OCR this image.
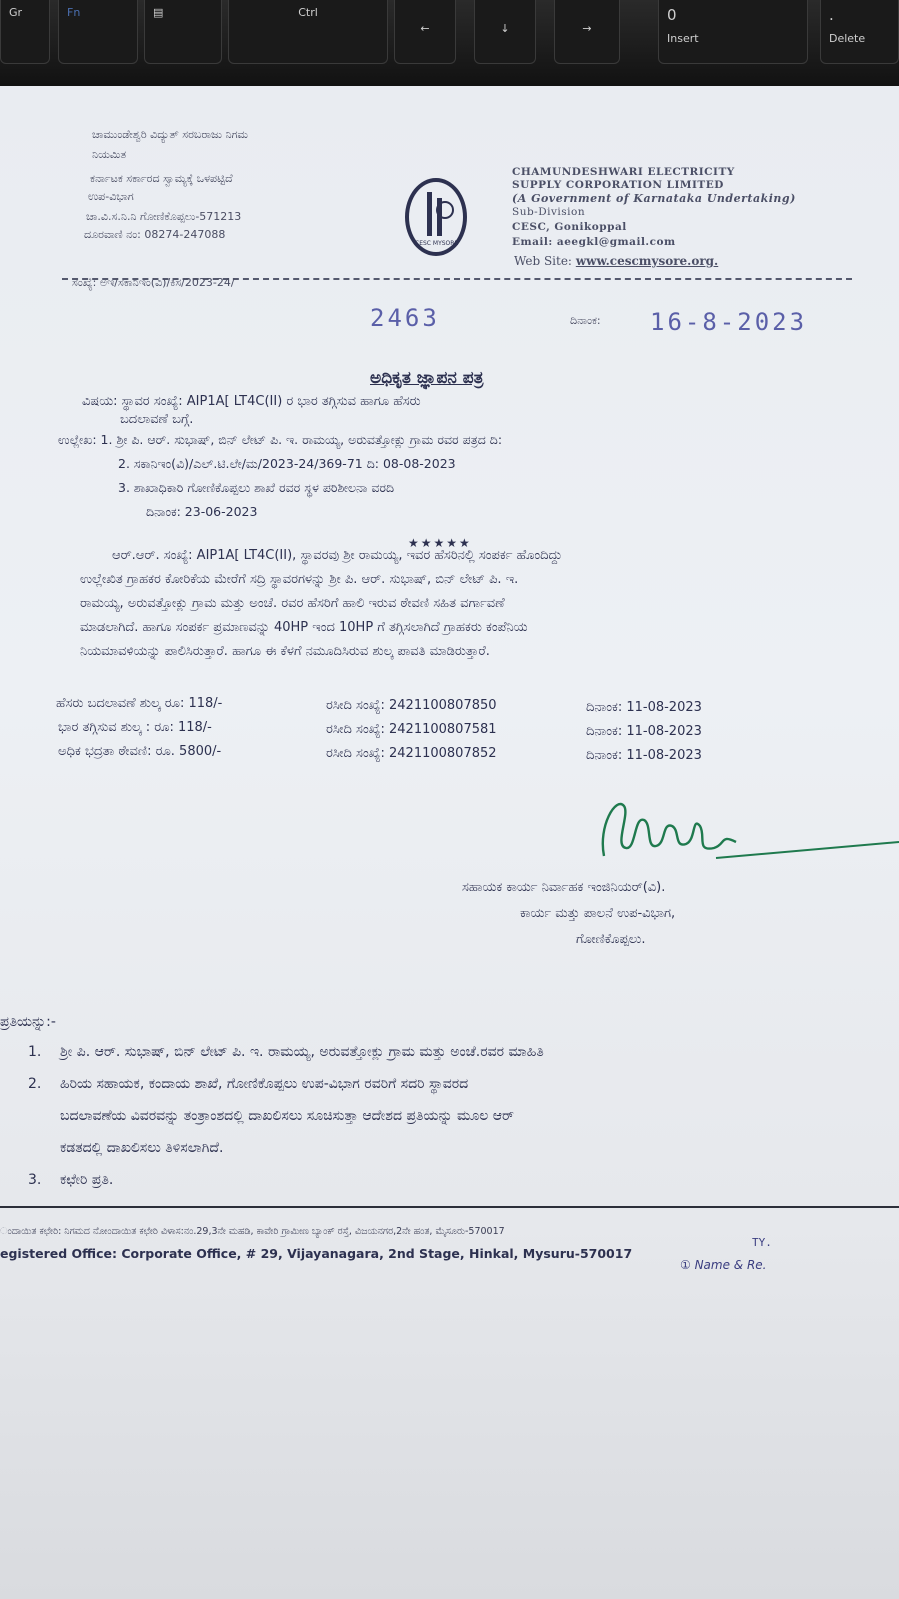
Gr	Fn	▤	Ctrl
←	↓	→
0
Insert
.
Delete
ಚಾಮುಂಡೇಶ್ವರಿ ವಿದ್ಯುತ್ ಸರಬರಾಜು ನಿಗಮ
ನಿಯಮಿತ
ಕರ್ನಾಟಕ ಸರ್ಕಾರದ ಸ್ವಾಮ್ಯಕ್ಕೆ ಒಳಪಟ್ಟಿದೆ
ಉಪ-ವಿಭಾಗ
ಚಾ.ವಿ.ಸ.ನಿ.ನಿ ಗೋಣಿಕೊಪ್ಪಲು-571213
ದೂರವಾಣಿ ನಂ: 08274-247088
CESC MYSORE
CHAMUNDESHWARI ELECTRICITY
SUPPLY CORPORATION LIMITED
(A Government of Karnataka Undertaking)
Sub-Division
CESC, Gonikoppal
Email: aeegkl@gmail.com
Web Site: www.cescmysore.org.
ಸಂಖ್ಯೆ: ಅಇ/ಸಕಾನಿಇಂ(ವಿ)/ಕಿಸ/2023-24/
2463	ದಿನಾಂಕ: 16-8-2023
ಅಧಿಕೃತ ಜ್ಞಾಪನ ಪತ್ರ
ವಿಷಯ: ಸ್ಥಾವರ ಸಂಖ್ಯೆ: AIP1A[ LT4C(II) ರ ಭಾರ ತಗ್ಗಿಸುವ ಹಾಗೂ ಹೆಸರು
ಬದಲಾವಣೆ ಬಗ್ಗೆ.
ಉಲ್ಲೇಖ: 1. ಶ್ರೀ ಪಿ. ಆರ್. ಸುಭಾಷ್, ಬಿನ್ ಲೇಟ್ ಪಿ. ಇ. ರಾಮಯ್ಯ, ಅರುವತ್ತೋಕ್ಲು ಗ್ರಾಮ ರವರ ಪತ್ರದ ದಿ:
2. ಸಕಾನಿಇಂ(ವಿ)/ಎಲ್.ಟಿ.ಲೇ/ಮ/2023-24/369-71 ದಿ: 08-08-2023
3. ಶಾಖಾಧಿಕಾರಿ ಗೋಣಿಕೊಪ್ಪಲು ಶಾಖೆ ರವರ ಸ್ಥಳ ಪರಿಶೀಲನಾ ವರದಿ
ದಿನಾಂಕ: 23-06-2023
★★★★★
ಆರ್.ಆರ್. ಸಂಖ್ಯೆ: AIP1A[ LT4C(II), ಸ್ಥಾವರವು ಶ್ರೀ ರಾಮಯ್ಯ, ಇವರ ಹೆಸರಿನಲ್ಲಿ ಸಂಪರ್ಕ ಹೊಂದಿದ್ದು
ಉಲ್ಲೇಖಿತ ಗ್ರಾಹಕರ ಕೋರಿಕೆಯ ಮೇರೆಗೆ ಸದ್ರಿ ಸ್ಥಾವರಗಳನ್ನು ಶ್ರೀ ಪಿ. ಆರ್. ಸುಭಾಷ್, ಬಿನ್ ಲೇಟ್ ಪಿ. ಇ.
ರಾಮಯ್ಯ, ಅರುವತ್ತೋಕ್ಲು ಗ್ರಾಮ ಮತ್ತು ಅಂಚೆ. ರವರ ಹೆಸರಿಗೆ ಹಾಲಿ ಇರುವ ಠೇವಣಿ ಸಹಿತ ವರ್ಗಾವಣೆ
ಮಾಡಲಾಗಿದೆ. ಹಾಗೂ ಸಂಪರ್ಕ ಪ್ರಮಾಣವನ್ನು 40HP ಇಂದ 10HP ಗೆ ತಗ್ಗಿಸಲಾಗಿದೆ ಗ್ರಾಹಕರು ಕಂಪೆನಿಯ
ನಿಯಮಾವಳಿಯನ್ನು ಪಾಲಿಸಿರುತ್ತಾರೆ. ಹಾಗೂ ಈ ಕೆಳಗೆ ನಮೂದಿಸಿರುವ ಶುಲ್ಕ ಪಾವತಿ ಮಾಡಿರುತ್ತಾರೆ.
ಹೆಸರು ಬದಲಾವಣೆ ಶುಲ್ಕ ರೂ: 118/-	ರಸೀದಿ ಸಂಖ್ಯೆ: 2421100807850	ದಿನಾಂಕ: 11-08-2023
ಭಾರ ತಗ್ಗಿಸುವ ಶುಲ್ಕ : ರೂ: 118/-	ರಸೀದಿ ಸಂಖ್ಯೆ: 2421100807581	ದಿನಾಂಕ: 11-08-2023
ಅಧಿಕ ಭದ್ರತಾ ಠೇವಣಿ: ರೂ. 5800/-	ರಸೀದಿ ಸಂಖ್ಯೆ: 2421100807852	ದಿನಾಂಕ: 11-08-2023
ಸಹಾಯಕ ಕಾರ್ಯ ನಿರ್ವಾಹಕ ಇಂಜಿನಿಯರ್(ವಿ).
ಕಾರ್ಯ ಮತ್ತು ಪಾಲನೆ ಉಪ-ವಿಭಾಗ,
ಗೋಣಿಕೊಪ್ಪಲು.
ಪ್ರತಿಯನ್ನು:-
1. ಶ್ರೀ ಪಿ. ಆರ್. ಸುಭಾಷ್, ಬಿನ್ ಲೇಟ್ ಪಿ. ಇ. ರಾಮಯ್ಯ, ಅರುವತ್ತೋಕ್ಲು ಗ್ರಾಮ ಮತ್ತು ಅಂಚೆ.ರವರ ಮಾಹಿತಿ
2. ಹಿರಿಯ ಸಹಾಯಕ, ಕಂದಾಯ ಶಾಖೆ, ಗೋಣಿಕೊಪ್ಪಲು ಉಪ-ವಿಭಾಗ ರವರಿಗೆ ಸದರಿ ಸ್ಥಾವರದ
ಬದಲಾವಣೆಯ ವಿವರವನ್ನು ತಂತ್ರಾಂಶದಲ್ಲಿ ದಾಖಲಿಸಲು ಸೂಚಿಸುತ್ತಾ ಆದೇಶದ ಪ್ರತಿಯನ್ನು ಮೂಲ ಆರ್
ಕಡತದಲ್ಲಿ ದಾಖಲಿಸಲು ತಿಳಿಸಲಾಗಿದೆ.
3. ಕಛೇರಿ ಪ್ರತಿ.
ಂದಾಯಿತ ಕಛೇರಿ: ನಿಗಮದ ನೋಂದಾಯಿತ ಕಛೇರಿ ವಿಳಾಸ:ನಂ.29,3ನೇ ಮಹಡಿ, ಕಾವೇರಿ ಗ್ರಾಮೀಣ ಬ್ಯಾಂಕ್ ರಸ್ತೆ, ವಿಜಯನಗರ,2ನೇ ಹಂತ, ಮೈಸೂರು-570017
egistered Office: Corporate Office, # 29, Vijayanagara, 2nd Stage, Hinkal, Mysuru-570017
TY.
① Name & Re.
